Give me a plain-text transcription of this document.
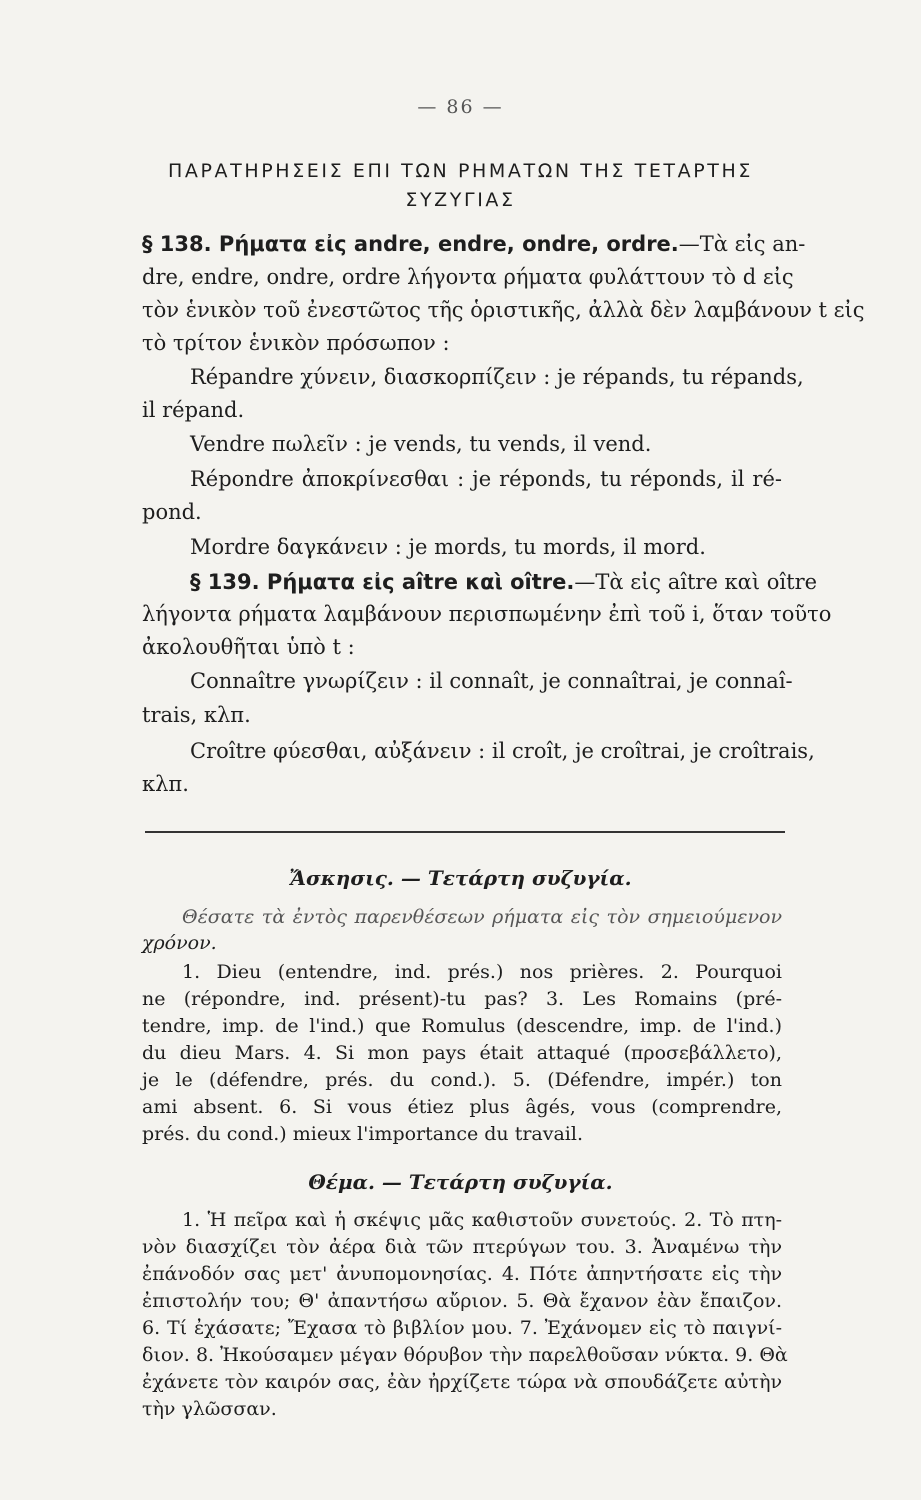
— 86 —
ΠΑΡΑΤΗΡΗΣΕΙΣ ΕΠΙ ΤΩΝ ΡΗΜΑΤΩΝ ΤΗΣ ΤΕΤΑΡΤΗΣ
ΣΥΖΥΓΙΑΣ
§ 138. Ρήματα εἰς andre, endre, ondre, ordre.—Τὰ εἰς an-
dre, endre, ondre, ordre λήγοντα ρήματα φυλάττουν τὸ d εἰς
τὸν ἑνικὸν τοῦ ἐνεστῶτος τῆς ὁριστικῆς, ἀλλὰ δὲν λαμβάνουν t εἰς
τὸ τρίτον ἑνικὸν πρόσωπον :
Répandre χύνειν, διασκορπίζειν : je répands, tu répands,
il répand.
Vendre πωλεῖν : je vends, tu vends, il vend.
Répondre ἀποκρίνεσθαι : je réponds, tu réponds, il ré-
pond.
Mordre δαγκάνειν : je mords, tu mords, il mord.
§ 139. Ρήματα εἰς aître καὶ oître.—Τὰ εἰς aître καὶ oître
λήγοντα ρήματα λαμβάνουν περισπωμένην ἐπὶ τοῦ i, ὅταν τοῦτο
ἀκολουθῆται ὑπὸ t :
Connaître γνωρίζειν : il connaît, je connaîtrai, je connaî-
trais, κλπ.
Croître φύεσθαι, αὐξάνειν : il croît, je croîtrai, je croîtrais,
κλπ.
Ἄσκησις. — Τετάρτη συζυγία.
Θέσατε τὰ ἐντὸς παρενθέσεων ρήματα εἰς τὸν σημειούμενον
χρόνον.
1. Dieu (entendre, ind. prés.) nos prières. 2. Pourquoi
ne (répondre, ind. présent)-tu pas? 3. Les Romains (pré-
tendre, imp. de l'ind.) que Romulus (descendre, imp. de l'ind.)
du dieu Mars. 4. Si mon pays était attaqué (προσεβάλλετο),
je le (défendre, prés. du cond.). 5. (Défendre, impér.) ton
ami absent. 6. Si vous étiez plus âgés, vous (comprendre,
prés. du cond.) mieux l'importance du travail.
Θέμα. — Τετάρτη συζυγία.
1. Ἡ πεῖρα καὶ ἡ σκέψις μᾶς καθιστοῦν συνετούς. 2. Τὸ πτη-
νὸν διασχίζει τὸν ἀέρα διὰ τῶν πτερύγων του. 3. Ἀναμένω τὴν
ἐπάνοδόν σας μετ' ἀνυπομονησίας. 4. Πότε ἀπηντήσατε εἰς τὴν
ἐπιστολήν του; Θ' ἀπαντήσω αὔριον. 5. Θὰ ἔχανον ἐὰν ἔπαιζον.
6. Τί ἐχάσατε; Ἔχασα τὸ βιβλίον μου. 7. Ἐχάνομεν εἰς τὸ παιγνί-
διον. 8. Ἠκούσαμεν μέγαν θόρυβον τὴν παρελθοῦσαν νύκτα. 9. Θὰ
ἐχάνετε τὸν καιρόν σας, ἐὰν ἠρχίζετε τώρα νὰ σπουδάζετε αὐτὴν
τὴν γλῶσσαν.
